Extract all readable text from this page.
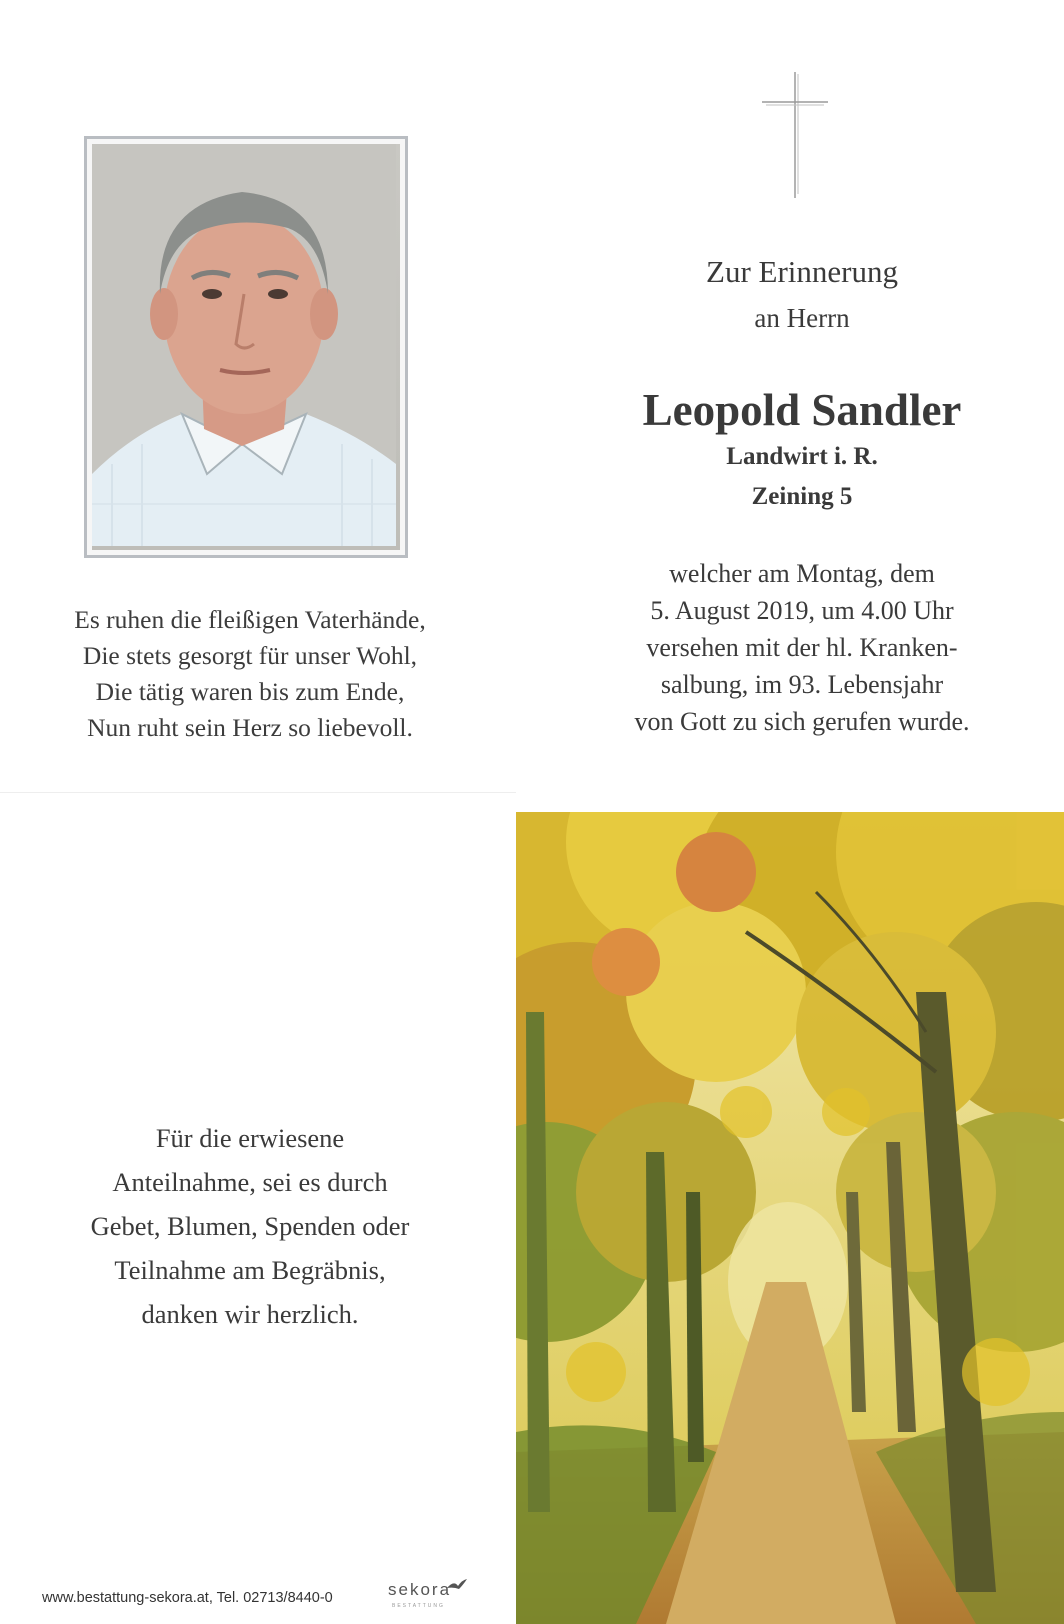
Zur Erinnerung
an Herrn
Leopold Sandler
Landwirt i. R.
Zeining 5
welcher am Montag, dem
5. August 2019, um 4.00 Uhr
versehen mit der hl. Kranken-
salbung, im 93. Lebensjahr
von Gott zu sich gerufen wurde.
Es ruhen die fleißigen Vaterhände,
Die stets gesorgt für unser Wohl,
Die tätig waren bis zum Ende,
Nun ruht sein Herz so liebevoll.
Für die erwiesene
Anteilnahme, sei es durch
Gebet, Blumen, Spenden oder
Teilnahme am Begräbnis,
danken wir herzlich.
www.bestattung-sekora.at, Tel. 02713/8440-0	sekora
BESTATTUNG
